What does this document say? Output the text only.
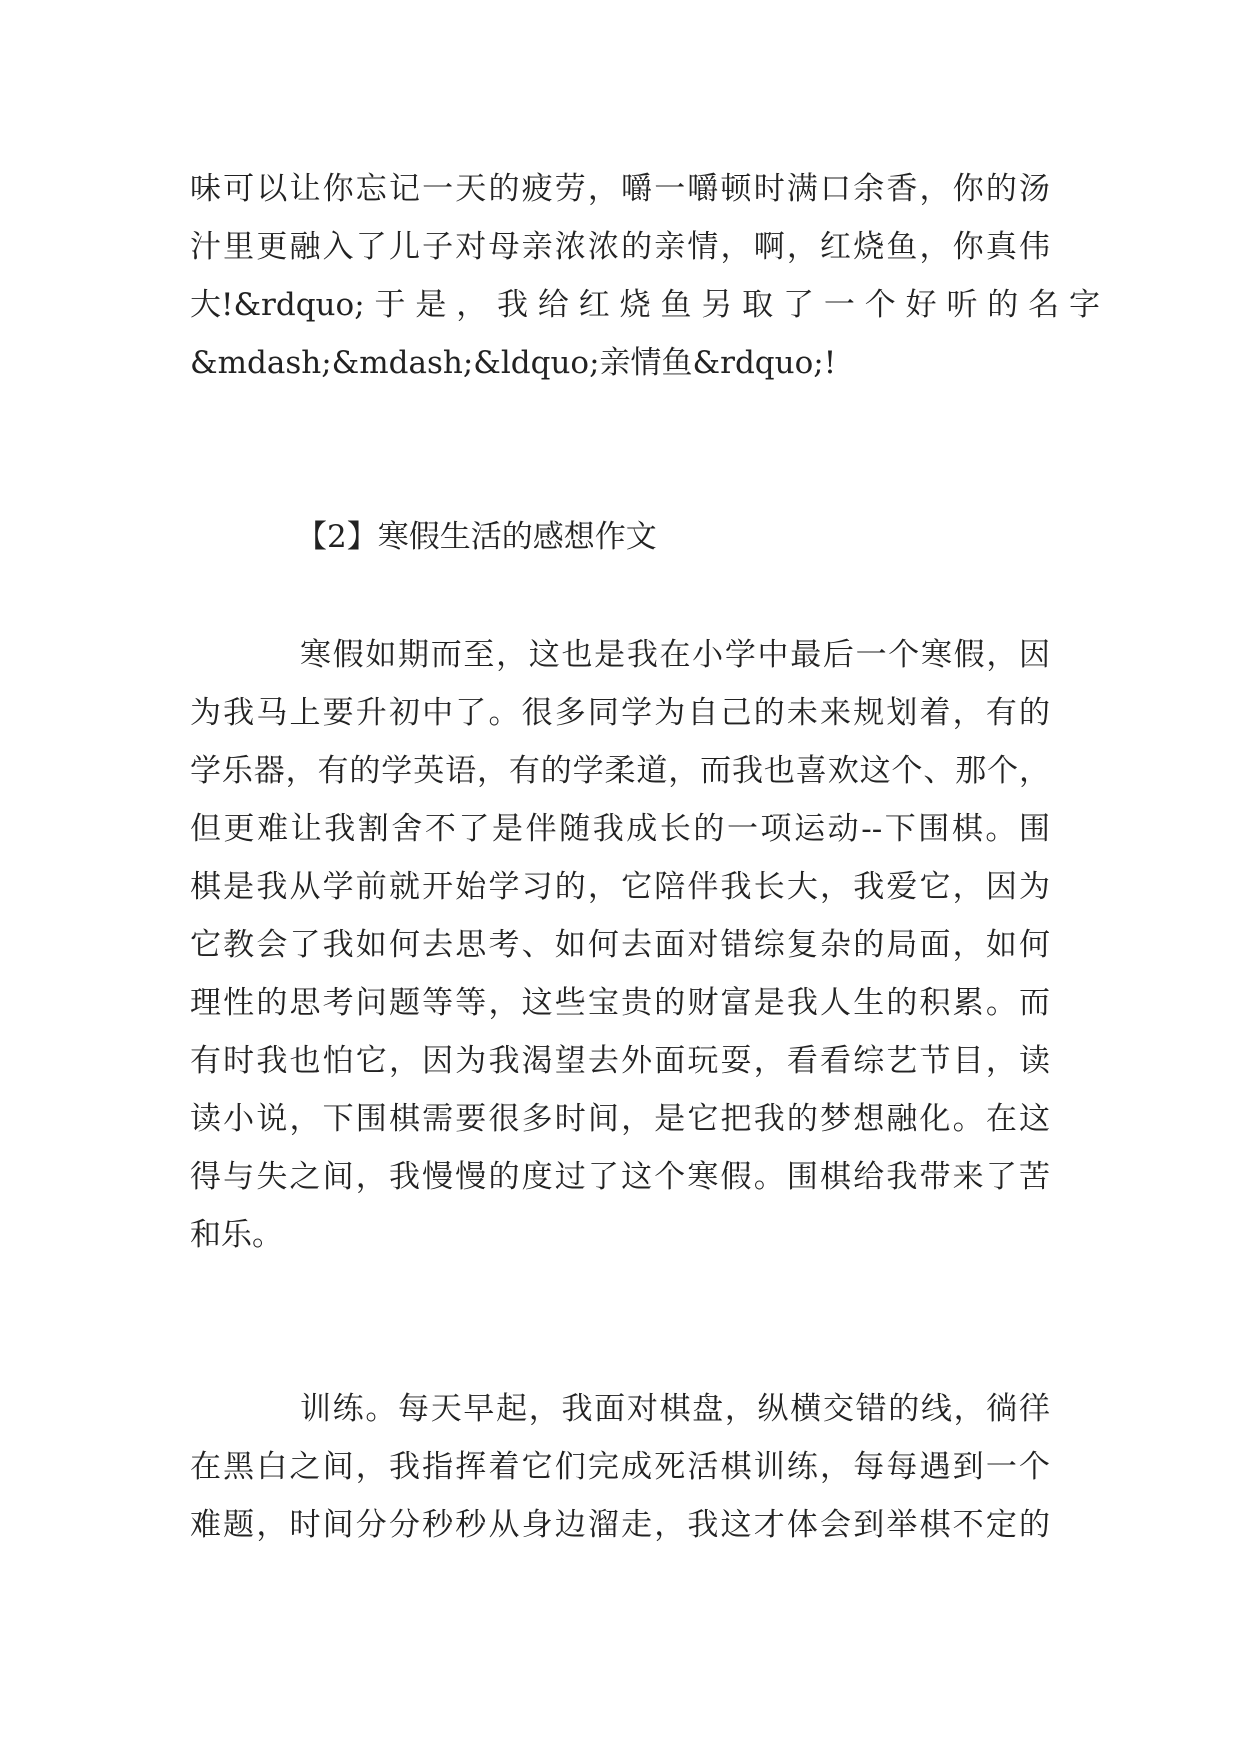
味可以让你忘记一天的疲劳，嚼一嚼顿时满口余香，你的汤
汁里更融入了儿子对母亲浓浓的亲情，啊，红烧鱼，你真伟
大!&rdquo; 于 是 ， 我 给 红 烧 鱼 另 取 了 一 个 好 听 的 名 字
&mdash;&mdash;&ldquo;亲情鱼&rdquo;!
【2】寒假生活的感想作文
寒假如期而至，这也是我在小学中最后一个寒假，因
为我马上要升初中了。很多同学为自己的未来规划着，有的
学乐器，有的学英语，有的学柔道，而我也喜欢这个、那个，
但更难让我割舍不了是伴随我成长的一项运动--下围棋。围
棋是我从学前就开始学习的，它陪伴我长大，我爱它，因为
它教会了我如何去思考、如何去面对错综复杂的局面，如何
理性的思考问题等等，这些宝贵的财富是我人生的积累。而
有时我也怕它，因为我渴望去外面玩耍，看看综艺节目，读
读小说，下围棋需要很多时间，是它把我的梦想融化。在这
得与失之间，我慢慢的度过了这个寒假。围棋给我带来了苦
和乐。
训练。每天早起，我面对棋盘，纵横交错的线，徜徉
在黑白之间，我指挥着它们完成死活棋训练，每每遇到一个
难题，时间分分秒秒从身边溜走，我这才体会到举棋不定的
